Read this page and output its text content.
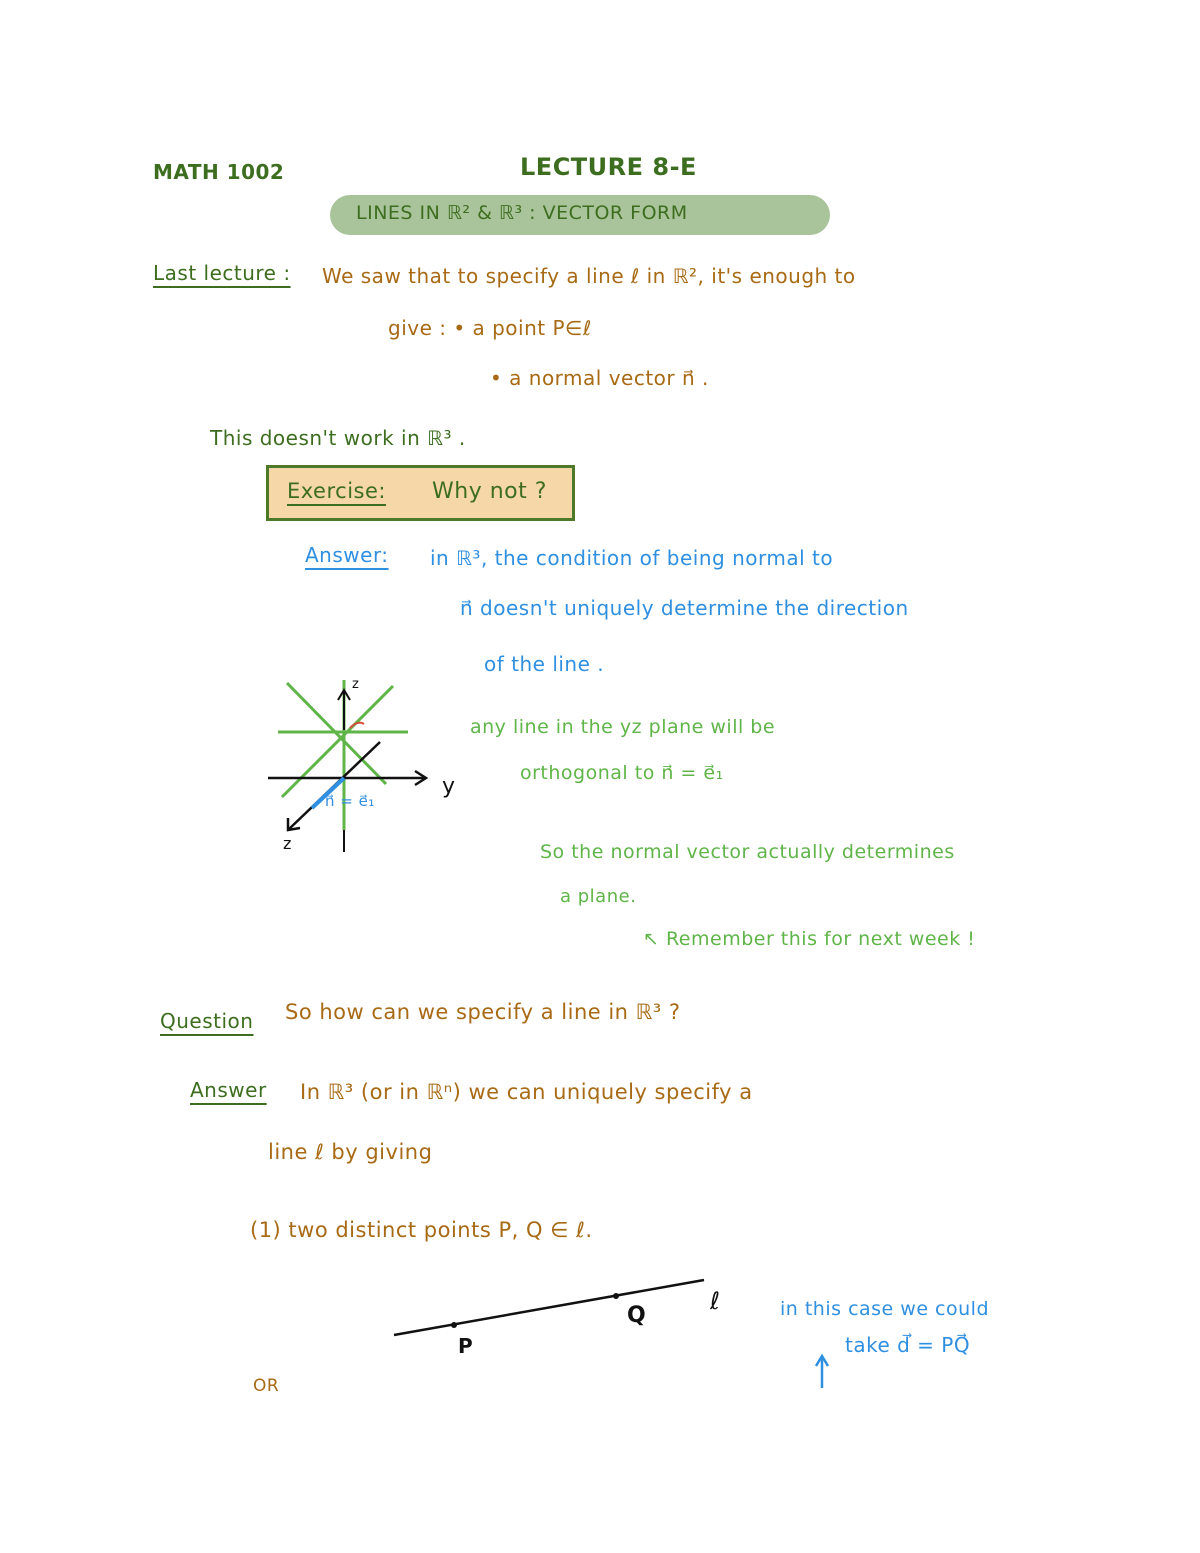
MATH 1002	LECTURE 8-E
LINES IN ℝ² & ℝ³ : VECTOR FORM
Last lecture : We saw that to specify a line ℓ in ℝ², it's enough to
give : • a point P∈ℓ
• a normal vector n⃗ .
This doesn't work in ℝ³ .
Exercise: Why not ?
Answer: in ℝ³, the condition of being normal to
n⃗ doesn't uniquely determine the direction
of the line .
z
y
z
n⃗ = e⃗₁
any line in the yz plane will be
orthogonal to n⃗ = e⃗₁
So the normal vector actually determines
a plane.
↖ Remember this for next week !
Question So how can we specify a line in ℝ³ ?
Answer In ℝ³ (or in ℝⁿ) we can uniquely specify a
line ℓ by giving
(1) two distinct points P, Q ∈ ℓ.
P
Q
ℓ	in this case we could
take d⃗ = PQ⃗
OR
